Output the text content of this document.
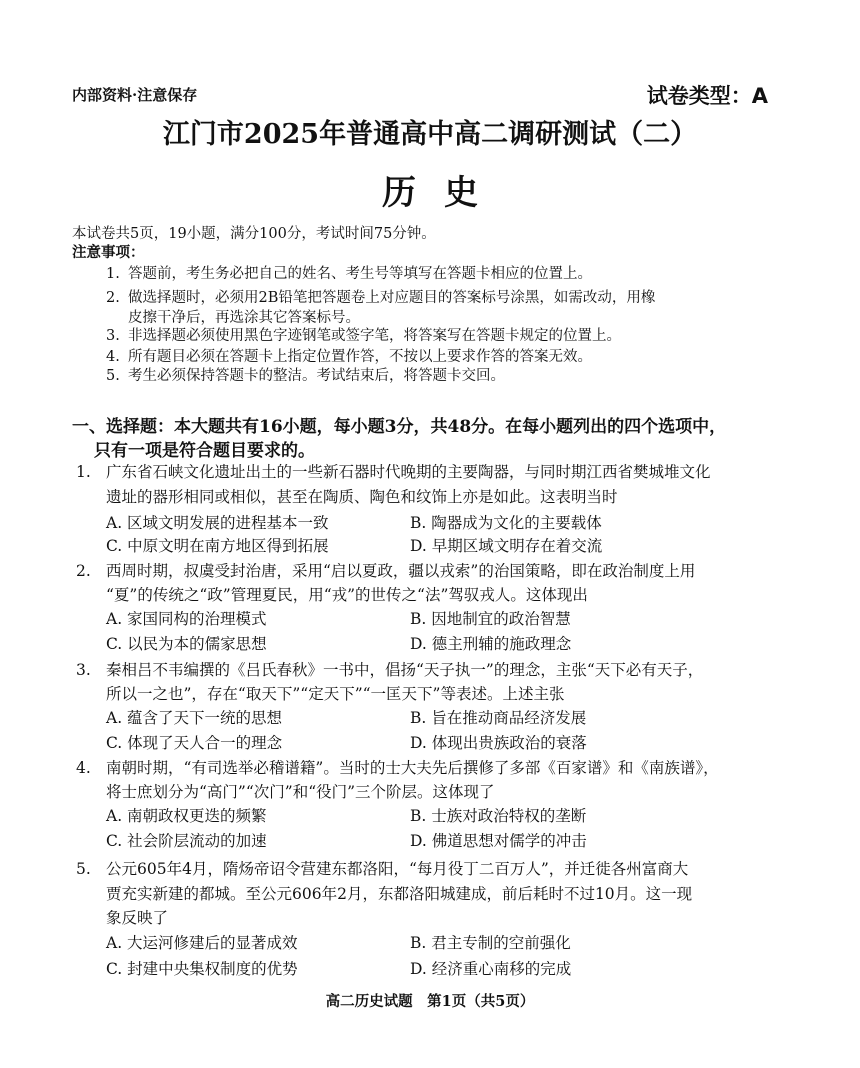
内部资料·注意保存	试卷类型：A
江门市2025年普通高中高二调研测试（二）
历史
本试卷共5页，19小题，满分100分，考试时间75分钟。
注意事项：
1. 答题前，考生务必把自己的姓名、考生号等填写在答题卡相应的位置上。
2. 做选择题时，必须用2B铅笔把答题卷上对应题目的答案标号涂黑，如需改动，用橡
皮擦干净后，再选涂其它答案标号。
3. 非选择题必须使用黑色字迹钢笔或签字笔，将答案写在答题卡规定的位置上。
4. 所有题目必须在答题卡上指定位置作答，不按以上要求作答的答案无效。
5. 考生必须保持答题卡的整洁。考试结束后，将答题卡交回。
一、选择题：本大题共有16小题，每小题3分，共48分。在每小题列出的四个选项中，
只有一项是符合题目要求的。
1. 广东省石峡文化遗址出土的一些新石器时代晚期的主要陶器，与同时期江西省樊城堆文化
遗址的器形相同或相似，甚至在陶质、陶色和纹饰上亦是如此。这表明当时
A. 区域文明发展的进程基本一致	B. 陶器成为文化的主要载体
C. 中原文明在南方地区得到拓展	D. 早期区域文明存在着交流
2. 西周时期，叔虞受封治唐，采用“启以夏政，疆以戎索”的治国策略，即在政治制度上用
“夏”的传统之“政”管理夏民，用“戎”的世传之“法”驾驭戎人。这体现出
A. 家国同构的治理模式	B. 因地制宜的政治智慧
C. 以民为本的儒家思想	D. 德主刑辅的施政理念
3. 秦相吕不韦编撰的《吕氏春秋》一书中，倡扬“天子执一”的理念，主张“天下必有天子，
所以一之也”，存在“取天下”“定天下”“一匡天下”等表述。上述主张
A. 蕴含了天下一统的思想	B. 旨在推动商品经济发展
C. 体现了天人合一的理念	D. 体现出贵族政治的衰落
4. 南朝时期，“有司选举必稽谱籍”。当时的士大夫先后撰修了多部《百家谱》和《南族谱》，
将士庶划分为“高门”“次门”和“役门”三个阶层。这体现了
A. 南朝政权更迭的频繁	B. 士族对政治特权的垄断
C. 社会阶层流动的加速	D. 佛道思想对儒学的冲击
5. 公元605年4月，隋炀帝诏令营建东都洛阳，“每月役丁二百万人”，并迁徙各州富商大
贾充实新建的都城。至公元606年2月，东都洛阳城建成，前后耗时不过10月。这一现
象反映了
A. 大运河修建后的显著成效	B. 君主专制的空前强化
C. 封建中央集权制度的优势	D. 经济重心南移的完成
高二历史试题　第1页（共5页）
